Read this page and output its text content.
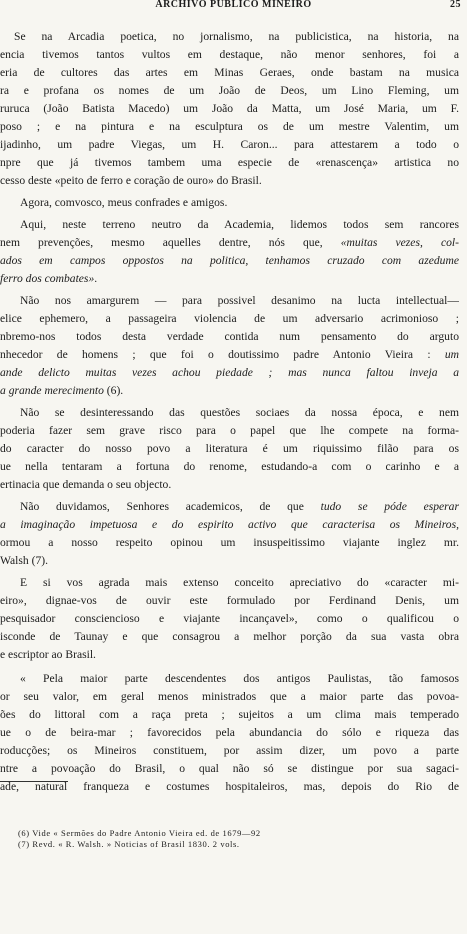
ARCHIVO PUBLICO MINEIRO	25
Se na Arcadia poetica, no jornalismo, na publicistica, na historia, na
encia tivemos tantos vultos em destaque, não menor senhores, foi a
eria de cultores das artes em Minas Geraes, onde bastam na musica
ra e profana os nomes de um João de Deos, um Lino Fleming, um
ruruca (João Batista Macedo) um João da Matta, um José Maria, um F.
poso ; e na pintura e na esculptura os de um mestre Valentim, um
ijadinho, um padre Viegas, um H. Caron... para attestarem a todo o
npre que já tivemos tambem uma especie de «renascença» artistica no
cesso deste «peito de ferro e coração de ouro» do Brasil.
Agora, comvosco, meus confrades e amigos.
Aqui, neste terreno neutro da Academia, lidemos todos sem rancores
nem prevenções, mesmo aquelles dentre, nós que, «muitas vezes, col-
ados em campos oppostos na politica, tenhamos cruzado com azedume
ferro dos combates».
Não nos amargurem — para possivel desanimo na lucta intellectual—
elice ephemero, a passageira violencia de um adversario acrimonioso ;
nbremo-nos todos desta verdade contida num pensamento do arguto
nhecedor de homens ; que foi o doutissimo padre Antonio Vieira : um
ande delicto muitas vezes achou piedade ; mas nunca faltou inveja a
a grande merecimento (6).
Não se desinteressando das questões sociaes da nossa época, e nem
poderia fazer sem grave risco para o papel que lhe compete na forma-
do caracter do nosso povo a literatura é um riquissimo filão para os
ue nella tentaram a fortuna do renome, estudando-a com o carinho e a
ertinacia que demanda o seu objecto.
Não duvidamos, Senhores academicos, de que tudo se póde esperar
a imaginação impetuosa e do espirito activo que caracterisa os Mineiros,
ormou a nosso respeito opinou um insuspeitissimo viajante inglez mr.
Walsh (7).
E si vos agrada mais extenso conceito apreciativo do «caracter mi-
eiro», dignae-vos de ouvir este formulado por Ferdinand Denis, um
pesquisador consciencioso e viajante incançavel», como o qualificou o
isconde de Taunay e que consagrou a melhor porção da sua vasta obra
e escriptor ao Brasil.
« Pela maior parte descendentes dos antigos Paulistas, tão famosos
or seu valor, em geral menos ministrados que a maior parte das povoa-
ões do littoral com a raça preta ; sujeitos a um clima mais temperado
ue o de beira-mar ; favorecidos pela abundancia do sólo e riqueza das
roducções; os Mineiros constituem, por assim dizer, um povo a parte
ntre a povoação do Brasil, o qual não só se distingue por sua sagaci-
ade, natural franqueza e costumes hospitaleiros, mas, depois do Rio de
(6) Vide « Sermões do Padre Antonio Vieira ed. de 1679—92
(7) Revd. « R. Walsh. » Noticias of Brasil 1830. 2 vols.
